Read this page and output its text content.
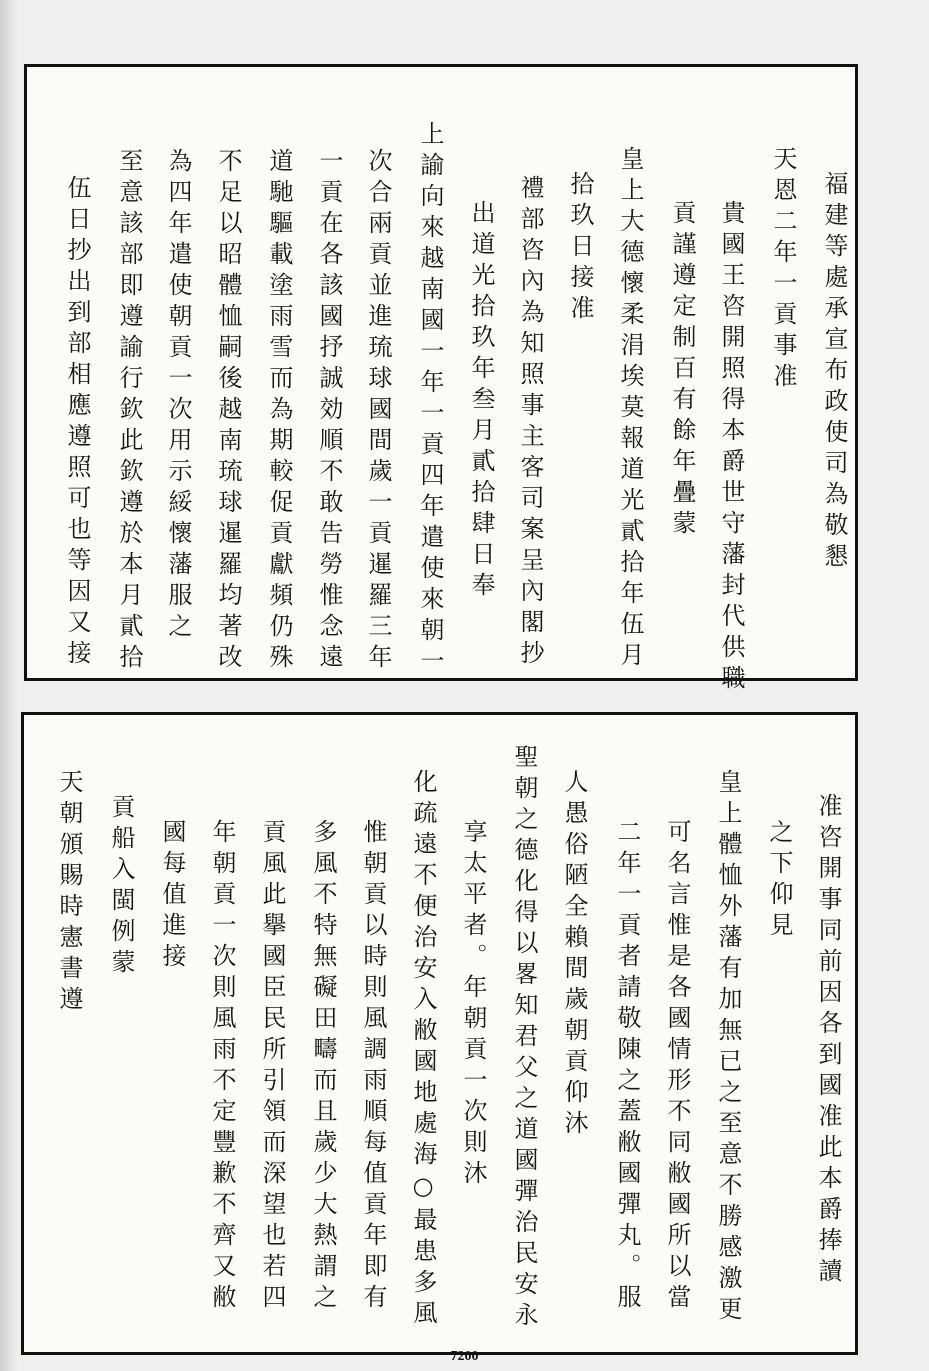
福建等處承宣布政使司為敬懇
天恩二年一貢事准
貴國王咨開照得本爵世守藩封代供職
貢謹遵定制百有餘年疊蒙
皇上大德懷柔涓埃莫報道光貳拾年伍月
拾玖日接准
禮部咨內為知照事主客司案呈內閣抄
出道光拾玖年叁月貳拾肆日奉
上諭向來越南國一年一貢四年遣使來朝一
次合兩貢並進琉球國間歲一貢暹羅三年
一貢在各該國抒誠効順不敢告勞惟念遠
道馳驅載塗雨雪而為期較促貢獻頻仍殊
不足以昭體恤嗣後越南琉球暹羅均著改
為四年遣使朝貢一次用示綏懷藩服之
至意該部即遵諭行欽此欽遵於本月貳拾
伍日抄出到部相應遵照可也等因又接
准咨開事同前因各到國准此本爵捧讀
之下仰見
皇上體恤外藩有加無已之至意不勝感激更
可名言惟是各國情形不同敝國所以當
二年一貢者請敬陳之蓋敝國彈丸。服
人愚俗陋全賴間歲朝貢仰沐
聖朝之德化得以畧知君父之道國彈治民安永
享太平者。年朝貢一次則沐
化疏遠不便治安入敝國地處海○最患多風
惟朝貢以時則風調雨順每值貢年即有
多風不特無礙田疇而且歲少大熱謂之
貢風此擧國臣民所引領而深望也若四
年朝貢一次則風雨不定豐歉不齊又敝
國每值進接
貢船入閩例蒙
天朝頒賜時憲書遵
7200
